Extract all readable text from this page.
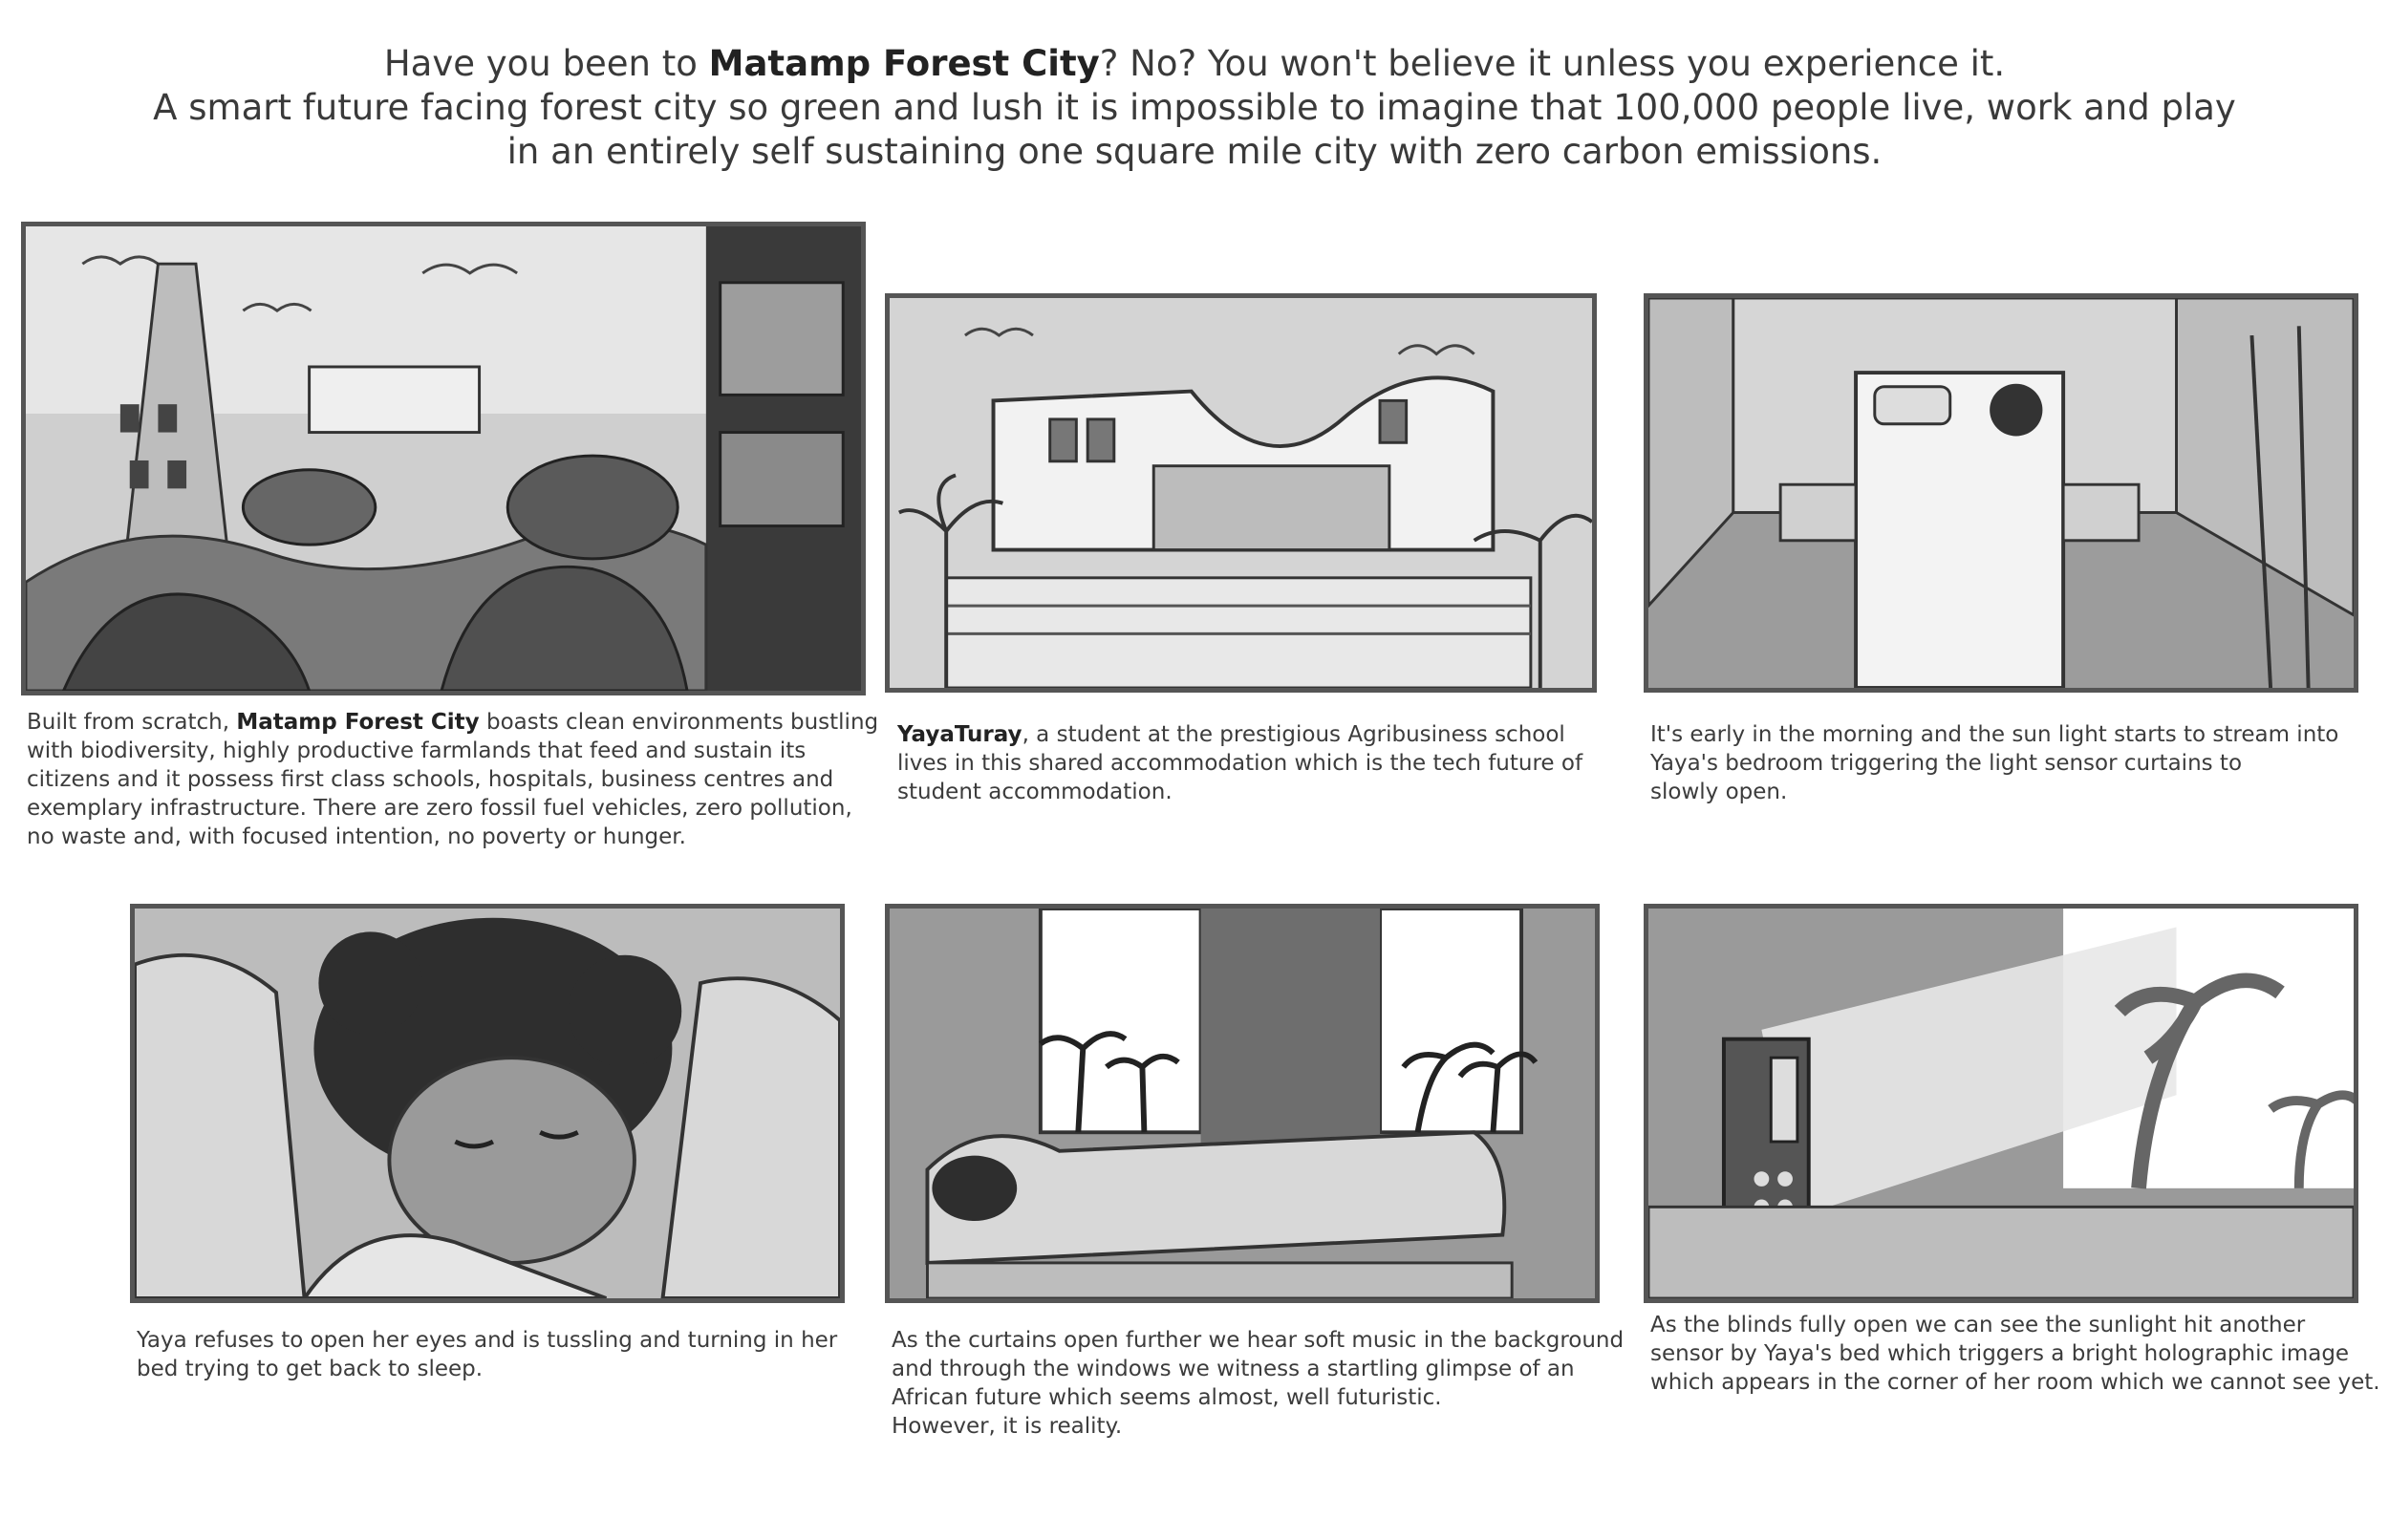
Have you been to Matamp Forest City? No? You won't believe it unless you experience it.
A smart future facing forest city so green and lush it is impossible to imagine that 100,000 people live, work and play
in an entirely self sustaining one square mile city with zero carbon emissions.
Built from scratch, Matamp Forest City boasts clean environments bustling
with biodiversity, highly productive farmlands that feed and sustain its
citizens and it possess first class schools, hospitals, business centres and
exemplary infrastructure. There are zero fossil fuel vehicles, zero pollution,
no waste and, with focused intention, no poverty or hunger.
YayaTuray, a student at the prestigious Agribusiness school
lives in this shared accommodation which is the tech future of
student accommodation.
It's early in the morning and the sun light starts to stream into
Yaya's bedroom triggering the light sensor curtains to
slowly open.
Yaya refuses to open her eyes and is tussling and turning in her
bed trying to get back to sleep.
As the curtains open further we hear soft music in the background
and through the windows we witness a startling glimpse of an
African future which seems almost, well futuristic.
However, it is reality.
As the blinds fully open we can see the sunlight hit another
sensor by Yaya's bed which triggers a bright holographic image
which appears in the corner of her room which we cannot see yet.
